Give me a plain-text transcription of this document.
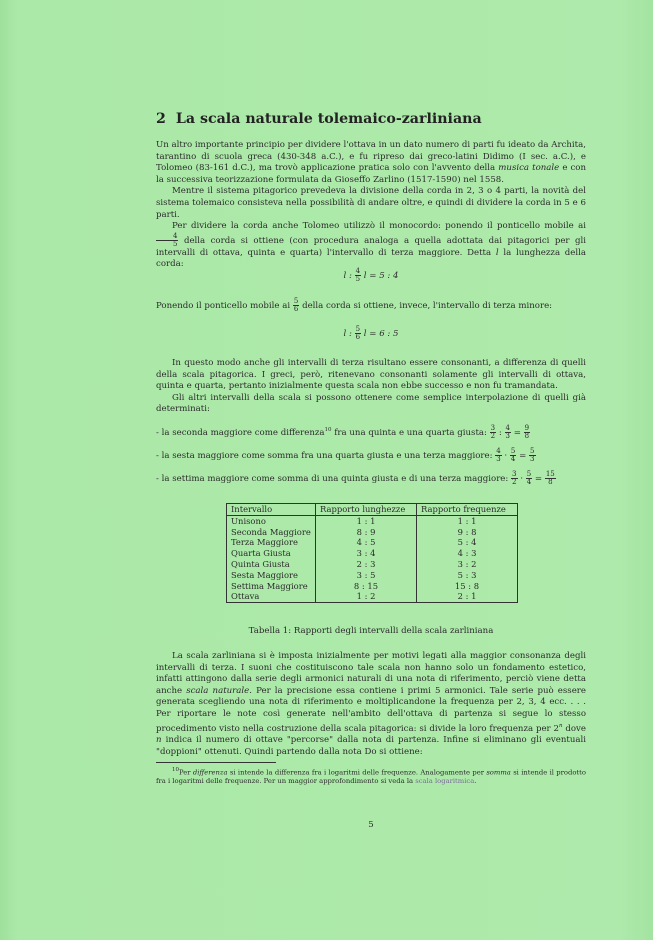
2 La scala naturale tolemaico-zarliniana

Un altro importante principio per dividere l'ottava in un dato numero di parti fu ideato da Archita, tarantino di scuola greca (430-348 a.C.), e fu ripreso dai greco-latini Didimo (I sec. a.C.), e Tolomeo (83-161 d.C.), ma trovò applicazione pratica solo con l'avvento della musica tonale e con la successiva teorizzazione formulata da Gioseffo Zarlino (1517-1590) nel 1558.

Mentre il sistema pitagorico prevedeva la divisione della corda in 2, 3 o 4 parti, la novità del sistema tolemaico consisteva nella possibilità di andare oltre, e quindi di dividere la corda in 5 e 6 parti.

Per dividere la corda anche Tolomeo utilizzò il monocordo: ponendo il ponticello mobile ai
$\frac{4}{5}$ della corda si ottiene (con procedura analoga a quella adottata dai pitagorici per gli intervalli di ottava, quinta e quarta) l'intervallo di terza maggiore. Detta l la lunghezza della corda:

l : $\frac{4}{5}$ l = 5 : 4

Ponendo il ponticello mobile ai $\frac{5}{6}$ della corda si ottiene, invece, l'intervallo di terza minore:

l : $\frac{5}{6}$ l = 6 : 5

In questo modo anche gli intervalli di terza risultano essere consonanti, a differenza di quelli della scala pitagorica. I greci, però, ritenevano consonanti solamente gli intervalli di ottava, quinta e quarta, pertanto inizialmente questa scala non ebbe successo e non fu tramandata.

Gli altri intervalli della scala si possono ottenere come semplice interpolazione di quelli già determinati:

- la seconda maggiore come differenza$^{10}$ fra una quinta e una quarta giusta: $\frac{3}{2}$ : $\frac{4}{3} = \frac{9}{8}$

- la sesta maggiore come somma fra una quarta giusta e una terza maggiore: $\frac{4}{3} \cdot \frac{5}{4} = \frac{5}{3}$

- la settima maggiore come somma di una quinta giusta e di una terza maggiore: $\frac{3}{2} \cdot \frac{5}{4} = \frac{15}{8}$

Intervallo	Rapporto lunghezze	Rapporto frequenze
Unisono	1 : 1	1 : 1
Seconda Maggiore	8 : 9	9 : 8
Terza Maggiore	4 : 5	5 : 4
Quarta Giusta	3 : 4	4 : 3
Quinta Giusta	2 : 3	3 : 2
Sesta Maggiore	3 : 5	5 : 3
Settima Maggiore	8 : 15	15 : 8
Ottava	1 : 2	2 : 1
Tabella 1: Rapporti degli intervalli della scala zarliniana

La scala zarliniana si è imposta inizialmente per motivi legati alla maggior consonanza degli intervalli di terza. I suoni che costituiscono tale scala non hanno solo un fondamento estetico, infatti attingono dalla serie degli armonici naturali di una nota di riferimento, perciò viene detta anche scala naturale. Per la precisione essa contiene i primi 5 armonici. Tale serie può essere generata scegliendo una nota di riferimento e moltiplicandone la frequenza per 2, 3, 4 ecc. . . . Per riportare le note così generate nell'ambito dell'ottava di partenza si segue lo stesso procedimento visto nella costruzione della scala pitagorica: si divide la loro frequenza per 2$^n$ dove n indica il numero di ottave "percorse" dalla nota di partenza. Infine si eliminano gli eventuali "doppioni" ottenuti. Quindi partendo dalla nota Do si ottiene:

$^{10}$Per differenza si intende la differenza fra i logaritmi delle frequenze. Analogamente per somma si intende il prodotto fra i logaritmi delle frequenze. Per un maggior approfondimento si veda la scala logaritmica.

5
